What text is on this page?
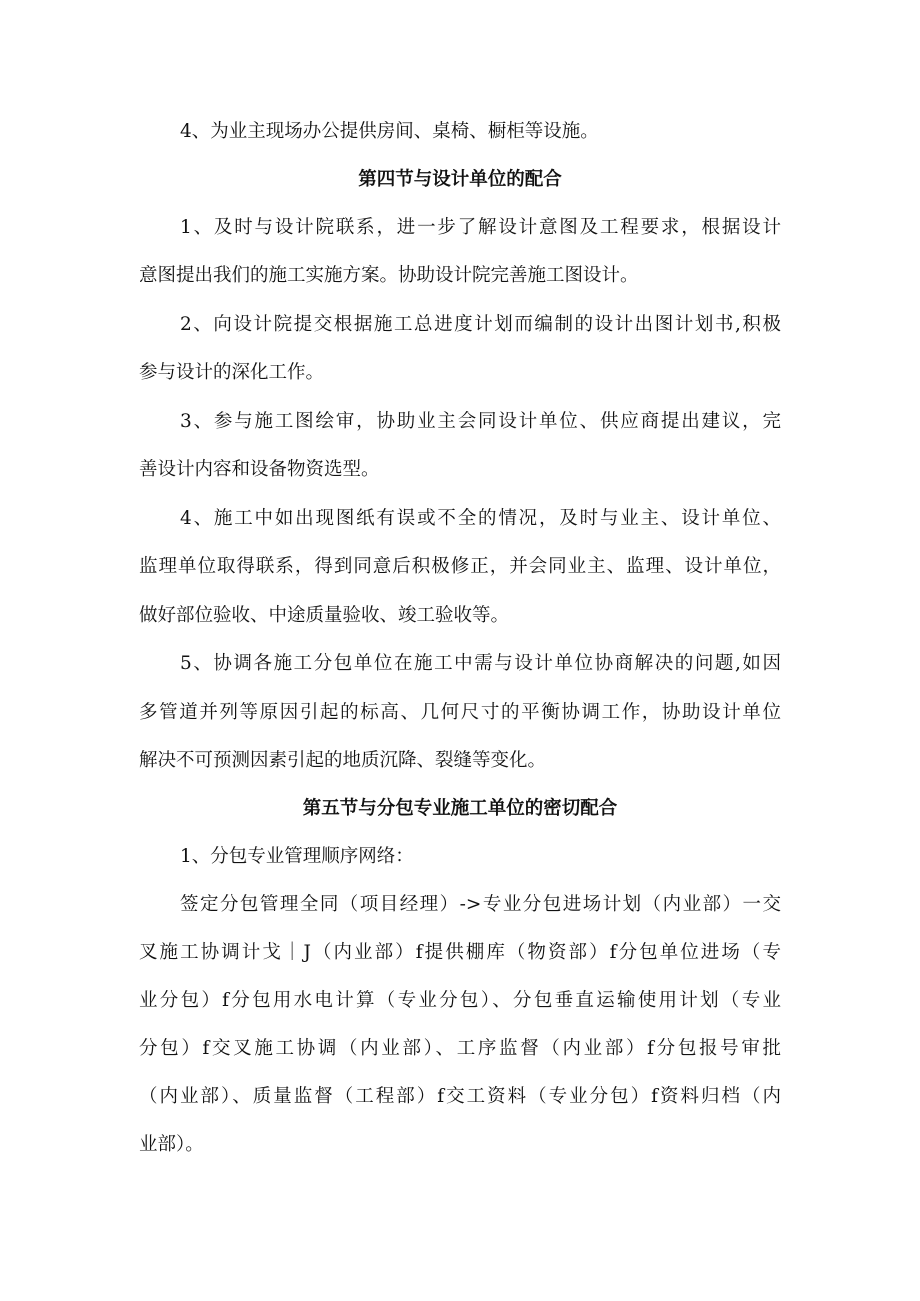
4、为业主现场办公提供房间、桌椅、橱柜等设施。
第四节与设计单位的配合
1、及时与设计院联系，进一步了解设计意图及工程要求，根据设计
意图提出我们的施工实施方案。协助设计院完善施工图设计。
2、向设计院提交根据施工总进度计划而编制的设计出图计划书,积极
参与设计的深化工作。
3、参与施工图绘审，协助业主会同设计单位、供应商提出建议，完
善设计内容和设备物资选型。
4、施工中如出现图纸有误或不全的情况，及时与业主、设计单位、
监理单位取得联系，得到同意后积极修正，并会同业主、监理、设计单位，
做好部位验收、中途质量验收、竣工验收等。
5、协调各施工分包单位在施工中需与设计单位协商解决的问题,如因
多管道并列等原因引起的标高、几何尺寸的平衡协调工作，协助设计单位
解决不可预测因素引起的地质沉降、裂缝等变化。
第五节与分包专业施工单位的密切配合
1、分包专业管理顺序网络：
签定分包管理全同（项目经理）->专业分包进场计划（内业部）一交
叉施工协调计戈｜J（内业部）f提供棚库（物资部）f分包单位进场（专
业分包）f分包用水电计算（专业分包）、分包垂直运输使用计划（专业
分包）f交叉施工协调（内业部）、工序监督（内业部）f分包报号审批
（内业部）、质量监督（工程部）f交工资料（专业分包）f资料归档（内
业部）。
